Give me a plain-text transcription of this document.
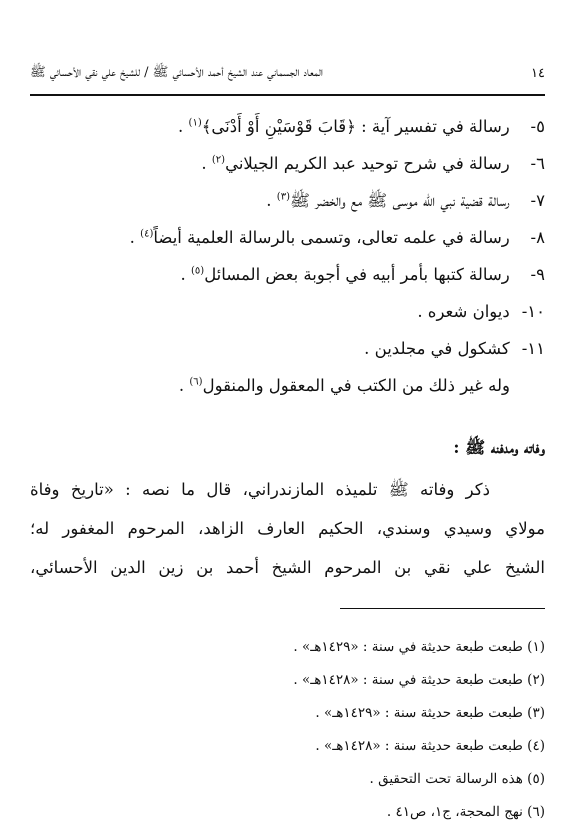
١٤
المعاد الجسماني عند الشيخ أحمد الأحسائي ﷺ / للشيخ علي نقي الأحسائي ﷺ
٥- رسالة في تفسير آية : ﴿قَابَ قَوْسَيْنِ أَوْ أَدْنَى﴾$^{(١)}$ .
٦- رسالة في شرح توحيد عبد الكريم الجيلاني$^{(٢)}$ .
٧- رسالة قضية نبي الله موسى ﷺ مع والخضر ﷺ$^{(٣)}$ .
٨- رسالة في علمه تعالى، وتسمى بالرسالة العلمية أيضاً$^{(٤)}$ .
٩- رسالة كتبها بأمر أبيه في أجوبة بعض المسائل$^{(٥)}$ .
١٠- ديوان شعره .
١١- كشكول في مجلدين .
وله غير ذلك من الكتب في المعقول والمنقول$^{(٦)}$ .
وفاته ومدفنه ﷺ :
ذكر وفاته ﷺ تلميذه المازندراني، قال ما نصه : «تاريخ وفاة
مولاي وسيدي وسندي، الحكيم العارف الزاهد، المرحوم المغفور له؛
الشيخ علي نقي بن المرحوم الشيخ أحمد بن زين الدين الأحسائي،
(١) طبعت طبعة حديثة في سنة : «١٤٢٩هـ» .
(٢) طبعت طبعة حديثة في سنة : «١٤٢٨هـ» .
(٣) طبعت طبعة حديثة سنة : «١٤٢٩هـ» .
(٤) طبعت طبعة حديثة سنة : «١٤٢٨هـ» .
(٥) هذه الرسالة تحت التحقيق .
(٦) نهج المحجة، ج١، ص٤١ .
